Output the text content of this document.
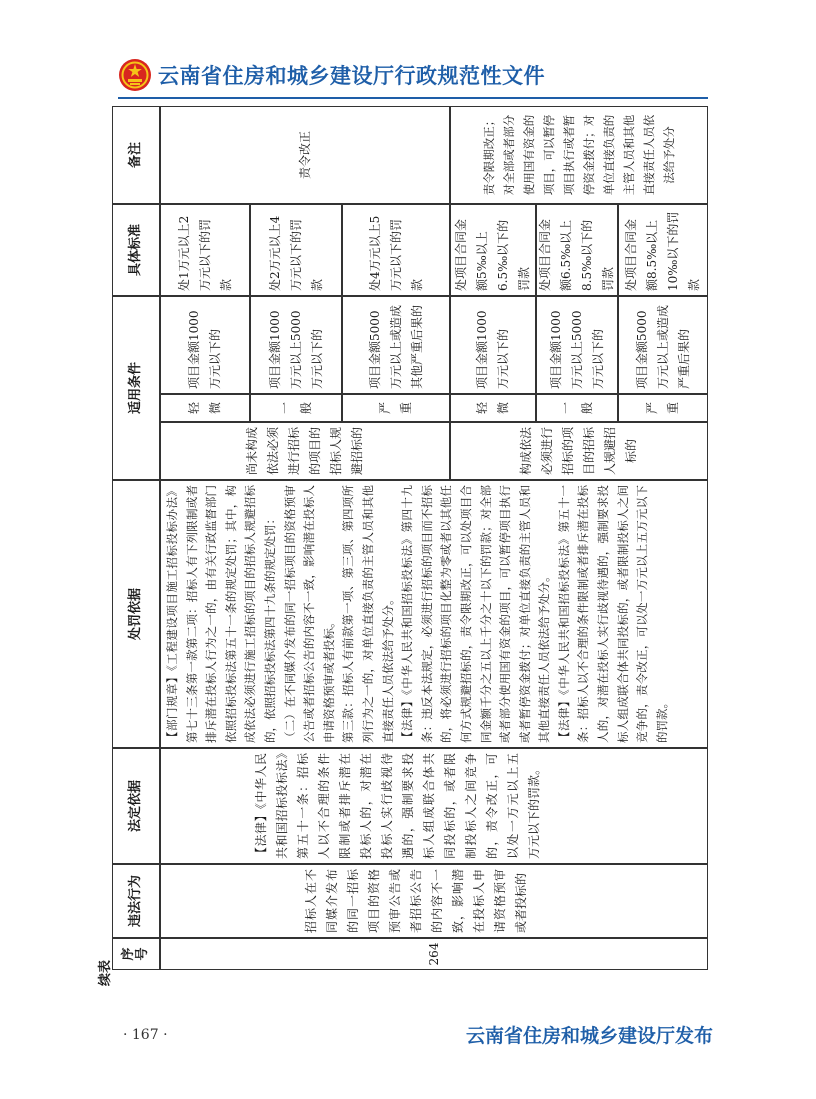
云南省住房和城乡建设厅行政规范性文件
序号
违法行为
法定依据
处罚依据
适用条件
具体标准
备注
264
招标人在不同媒介发布的同一招标项目的资格预审公告或者招标公告的内容不一致，影响潜在投标人申请资格预审或者投标的
【法律】《中华人民共和国招标投标法》第五十一条：招标人以不合理的条件限制或者排斥潜在投标人的，对潜在投标人实行歧视待遇的，强制要求投标人组成联合体共同投标的，或者限制投标人之间竞争的，责令改正，可以处一万元以上五万元以下的罚款。
【部门规章】《工程建设项目施工招标投标办法》第七十三条第一款第二项：招标人有下列限制或者排斥潜在投标人行为之一的，由有关行政监督部门依照招标投标法第五十一条的规定处罚；其中，构成依法必须进行施工招标的项目的招标人规避招标的，依照招标投标法第四十九条的规定处罚： （二）在不同媒介发布的同一招标项目的资格预审公告或者招标公告的内容不一致，影响潜在投标人申请资格预审或者投标。 第三款：招标人有前款第一项、第三项、第四项所列行为之一的，对单位直接负责的主管人员和其他直接责任人员依法给予处分。 【法律】《中华人民共和国招标投标法》第四十九条：违反本法规定，必须进行招标的项目而不招标的，将必须进行招标的项目化整为零或者以其他任何方式规避招标的，责令限期改正，可以处项目合同金额千分之五以上千分之十以下的罚款；对全部或者部分使用国有资金的项目，可以暂停项目执行或者暂停资金拨付；对单位直接负责的主管人员和其他直接责任人员依法给予处分。 【法律】《中华人民共和国招标投标法》第五十一条：招标人以不合理的条件限制或者排斥潜在投标人的，对潜在投标人实行歧视待遇的，强制要求投标人组成联合体共同投标的，或者限制投标人之间竞争的，责令改正，可以处一万元以上五万元以下的罚款。
尚未构成依法必须进行招标的项目的招标人规避招标的
轻微
项目金额1000万元以下的
处1万元以上2万元以下的罚款
一般
项目金额1000万元以上5000万元以下的
处2万元以上4万元以下的罚款
严重
项目金额5000万元以上或造成其他严重后果的
处4万元以上5万元以下的罚款
责令改正
构成依法必须进行招标的项目的招标人规避招标的
轻微
项目金额1000万元以下的
处项目合同金额5‰以上6.5‰以下的罚款
一般
项目金额1000万元以上5000万元以下的
处项目合同金额6.5‰以上8.5‰以下的罚款
严重
项目金额5000万元以上或造成严重后果的
处项目合同金额8.5‰以上10‰以下的罚款
责令限期改正；对全部或者部分使用国有资金的项目，可以暂停项目执行或者暂停资金拨付；对单位直接负责的主管人员和其他直接责任人员依法给予处分
续表
· 167 ·	云南省住房和城乡建设厅发布
